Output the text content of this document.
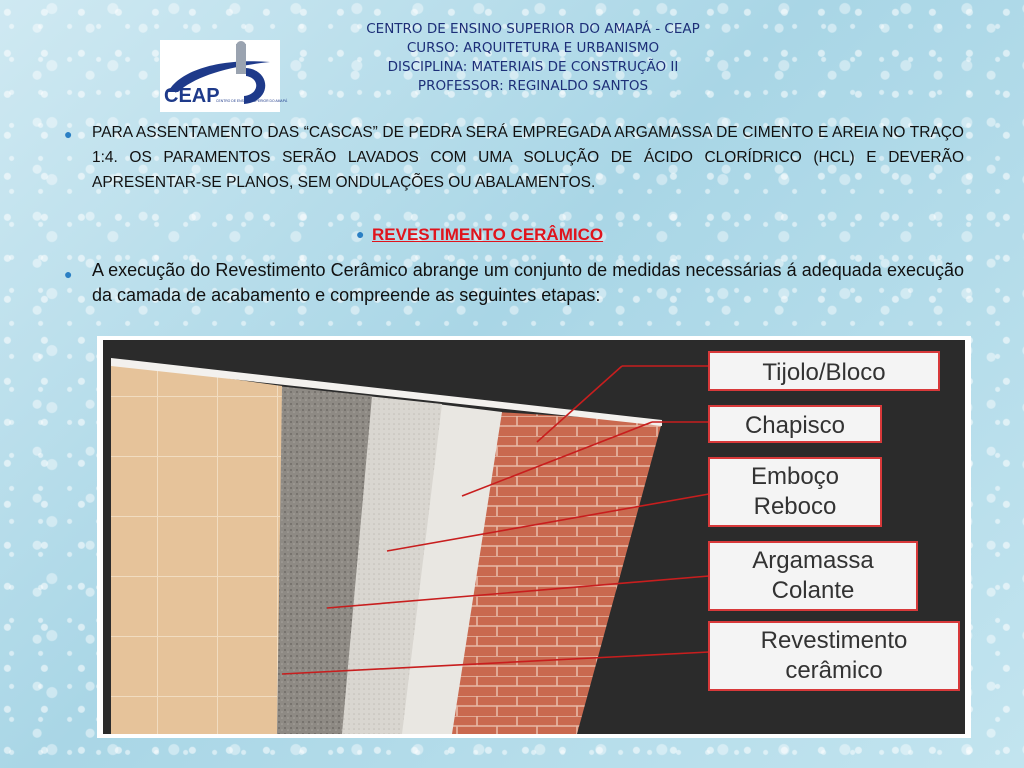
CEAP
CENTRO DE ENSINO SUPERIOR DO AMAPÁ
CENTRO DE ENSINO SUPERIOR DO AMAPÁ - CEAP
CURSO: ARQUITETURA E URBANISMO
DISCIPLINA: MATERIAIS DE CONSTRUÇÃO II
PROFESSOR: REGINALDO SANTOS
● PARA ASSENTAMENTO DAS “CASCAS” DE PEDRA SERÁ EMPREGADA ARGAMASSA DE CIMENTO E AREIA NO TRAÇO 1:4. OS PARAMENTOS SERÃO LAVADOS COM UMA SOLUÇÃO DE ÁCIDO CLORÍDRICO (HCL) E DEVERÃO APRESENTAR-SE PLANOS, SEM ONDULAÇÕES OU ABALAMENTOS.
● REVESTIMENTO CERÂMICO
● A execução do Revestimento Cerâmico abrange um conjunto de medidas necessárias á adequada execução da camada de acabamento e compreende as seguintes etapas:
Tijolo/Bloco
Chapisco
Emboço
Reboco
Argamassa
Colante
Revestimento
cerâmico
